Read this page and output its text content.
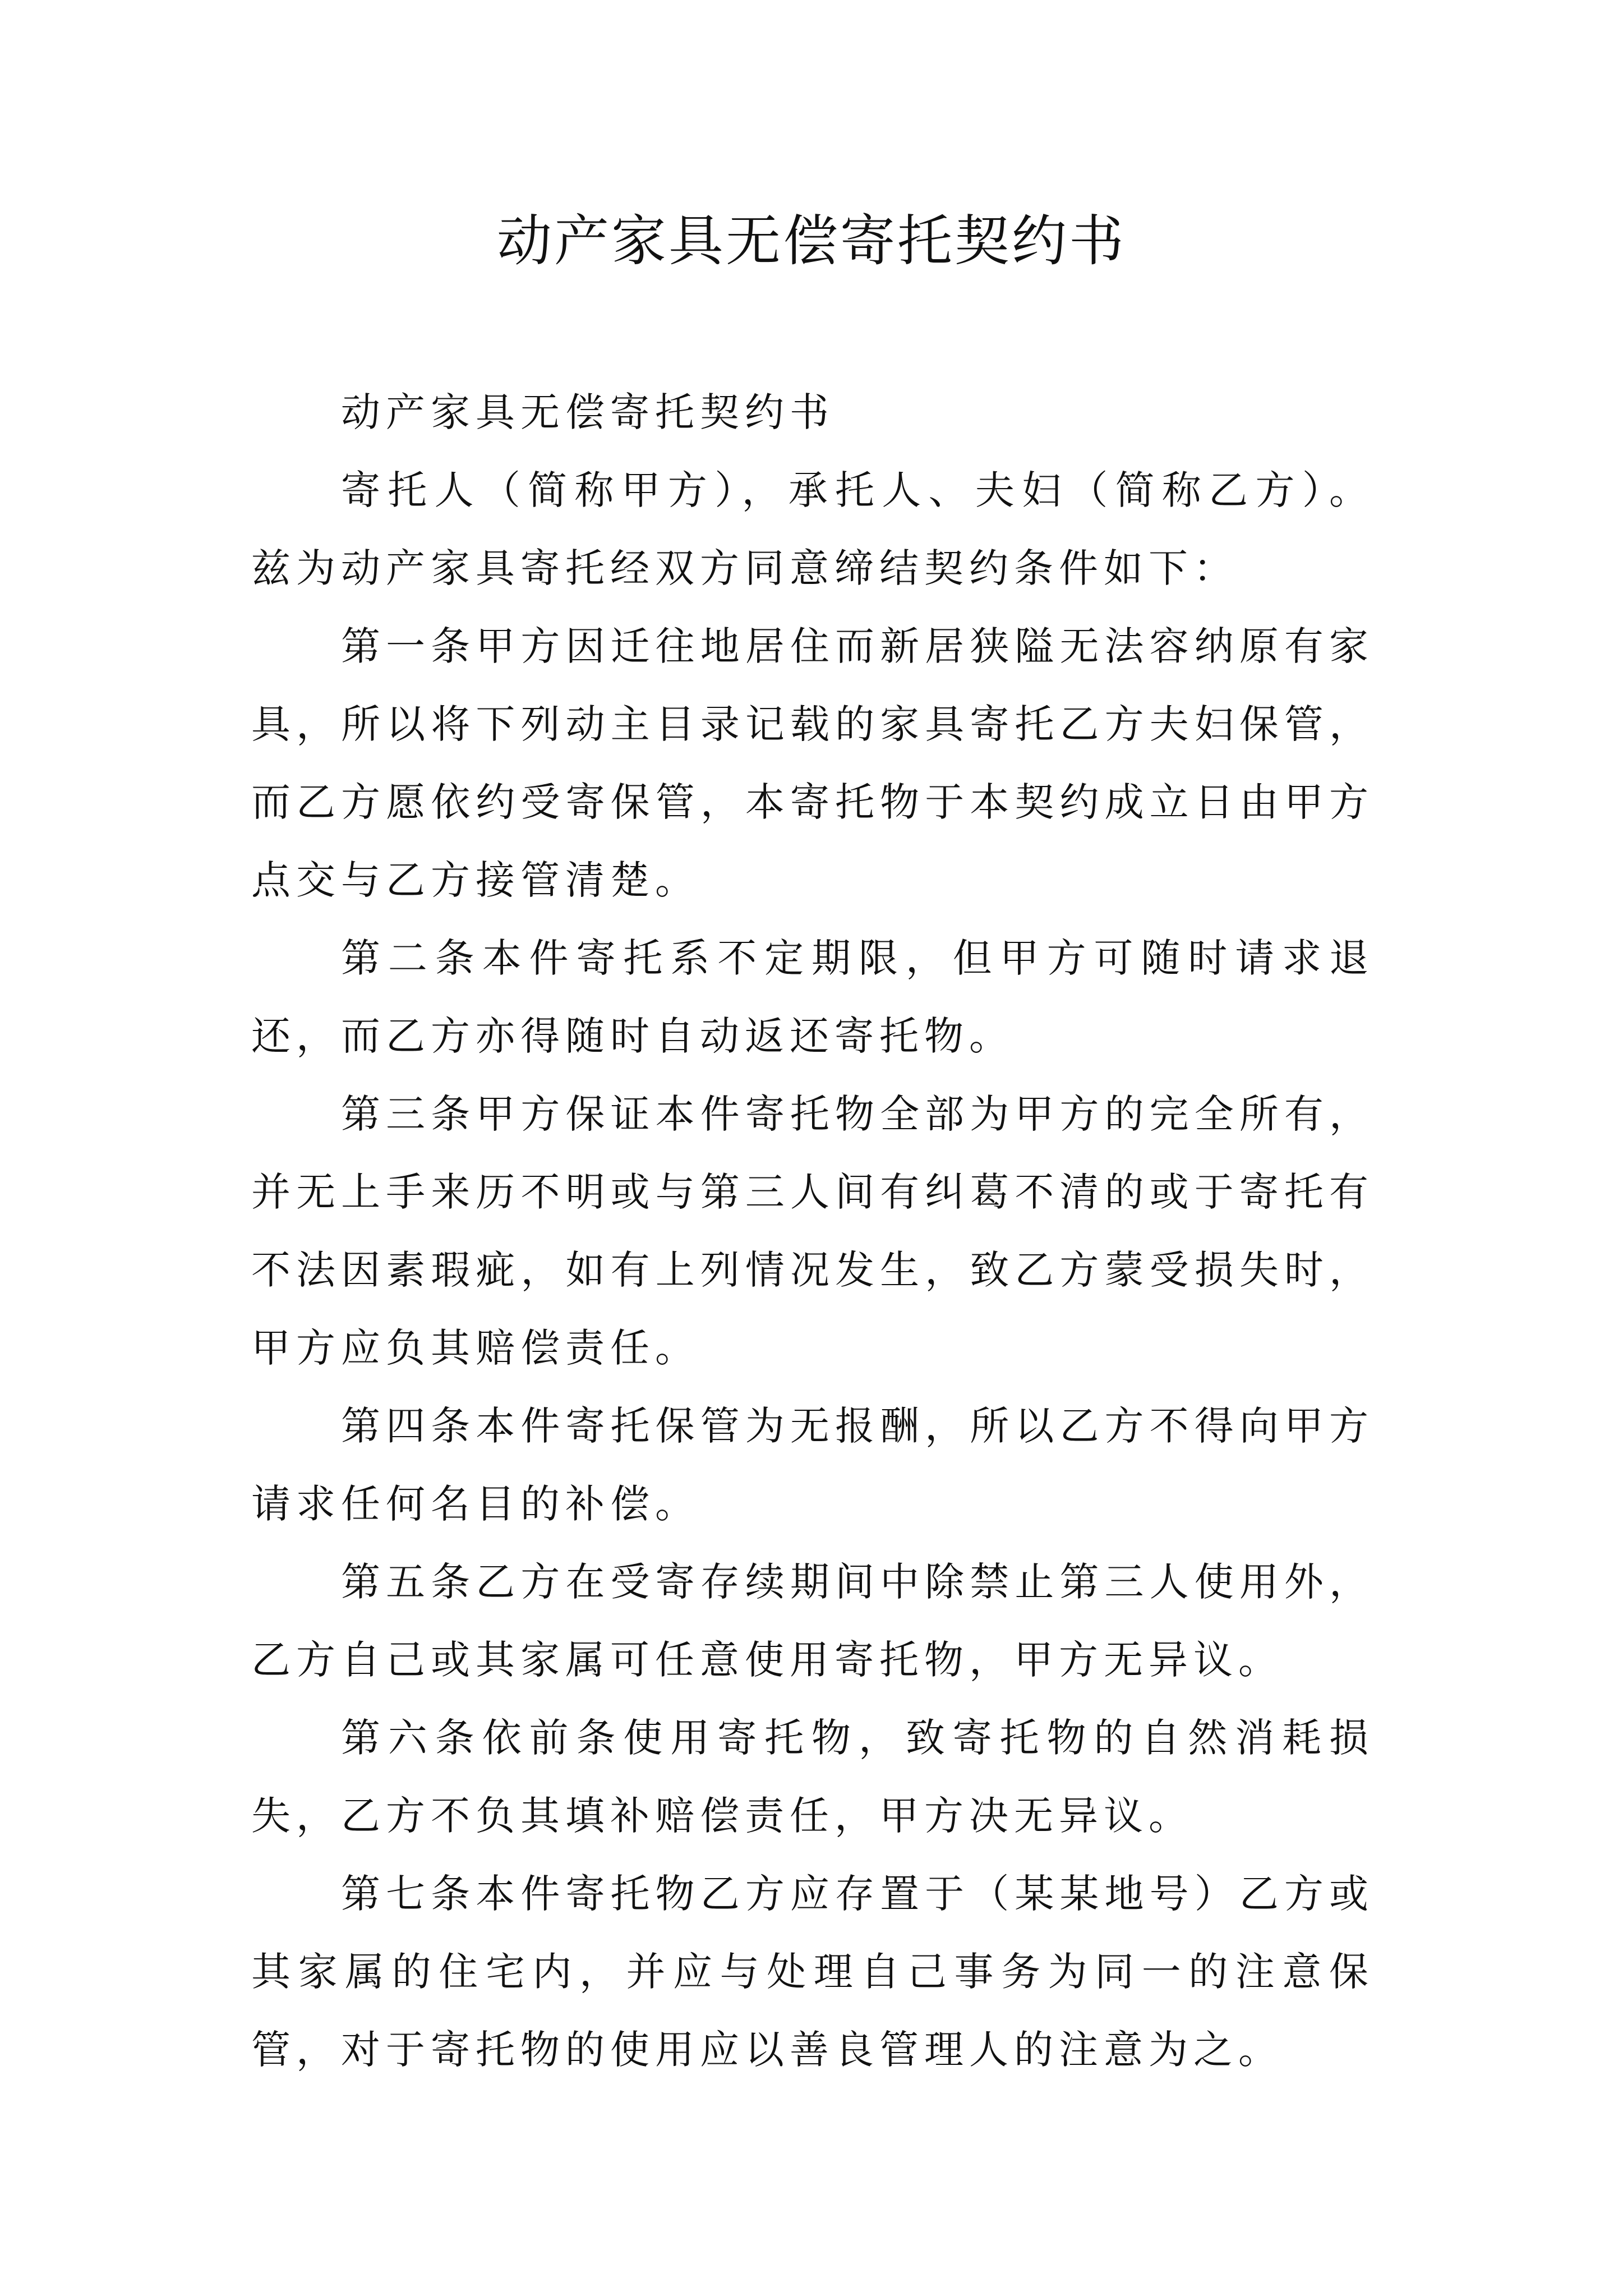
动产家具无偿寄托契约书

动产家具无偿寄托契约书

寄托人（简称甲方），承托人、夫妇（简称乙方）。兹为动产家具寄托经双方同意缔结契约条件如下：

第一条甲方因迁往地居住而新居狭隘无法容纳原有家具，所以将下列动主目录记载的家具寄托乙方夫妇保管，而乙方愿依约受寄保管，本寄托物于本契约成立日由甲方点交与乙方接管清楚。

第二条本件寄托系不定期限，但甲方可随时请求退还，而乙方亦得随时自动返还寄托物。

第三条甲方保证本件寄托物全部为甲方的完全所有，并无上手来历不明或与第三人间有纠葛不清的或于寄托有不法因素瑕疵，如有上列情况发生，致乙方蒙受损失时，甲方应负其赔偿责任。

第四条本件寄托保管为无报酬，所以乙方不得向甲方请求任何名目的补偿。

第五条乙方在受寄存续期间中除禁止第三人使用外，乙方自己或其家属可任意使用寄托物，甲方无异议。

第六条依前条使用寄托物，致寄托物的自然消耗损失，乙方不负其填补赔偿责任，甲方决无异议。

第七条本件寄托物乙方应存置于（某某地号）乙方或其家属的住宅内，并应与处理自己事务为同一的注意保管，对于寄托物的使用应以善良管理人的注意为之。
